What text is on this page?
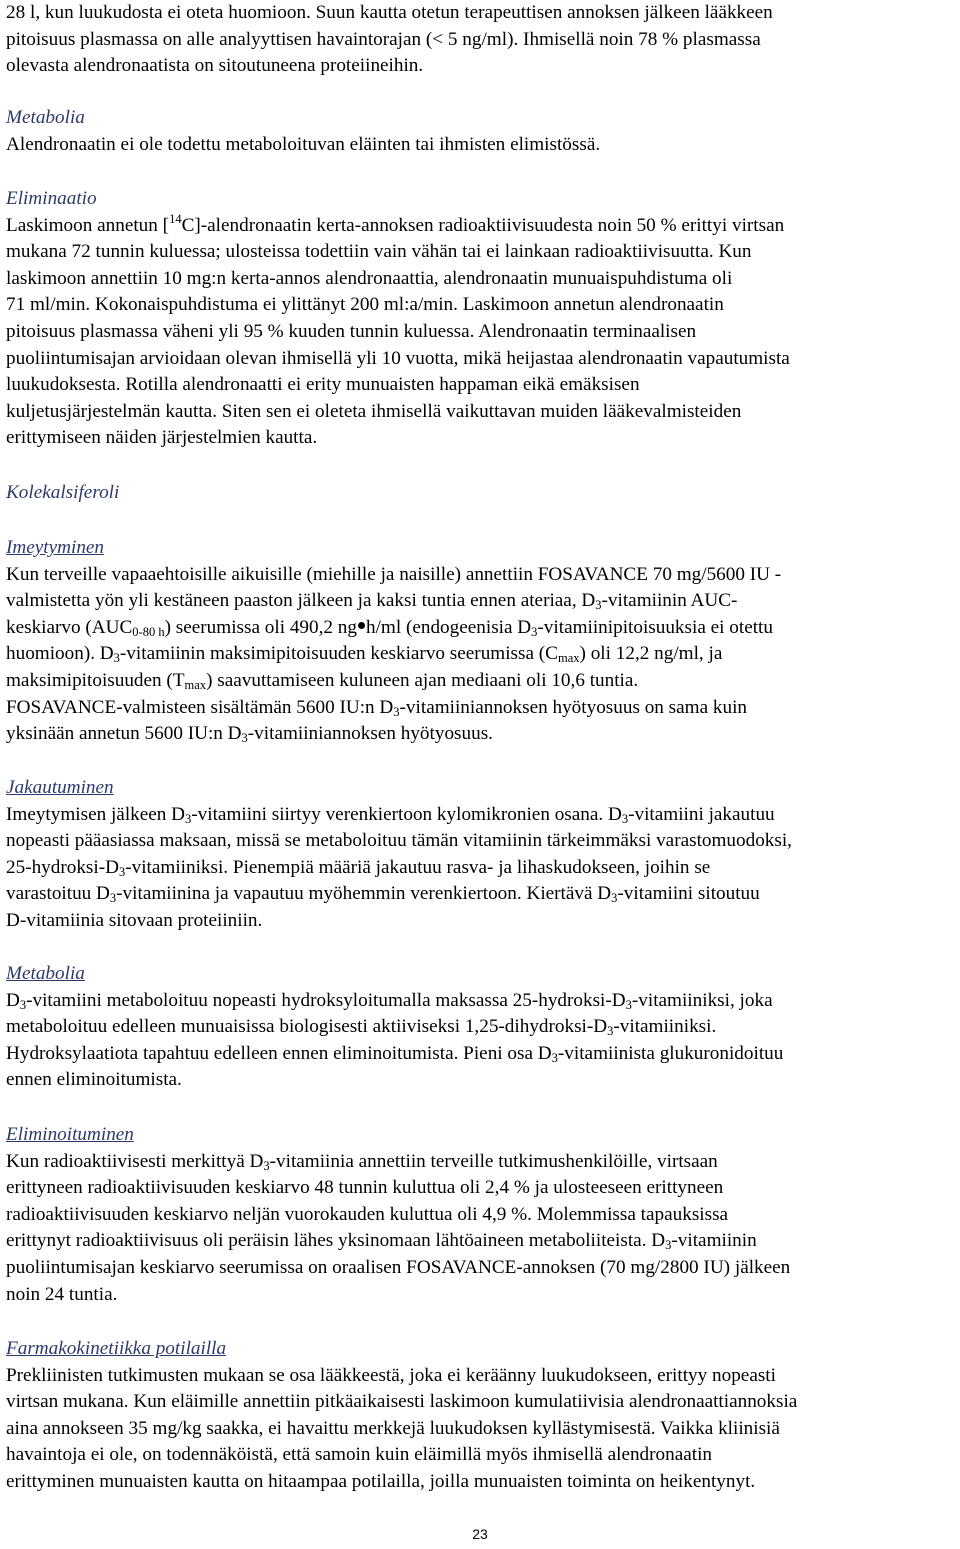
28 l, kun luukudosta ei oteta huomioon. Suun kautta otetun terapeuttisen annoksen jälkeen lääkkeen

pitoisuus plasmassa on alle analyyttisen havaintorajan (< 5 ng/ml). Ihmisellä noin 78 % plasmassa

olevasta alendronaatista on sitoutuneena proteiineihin.

Metabolia

Alendronaatin ei ole todettu metaboloituvan eläinten tai ihmisten elimistössä.

Eliminaatio

Laskimoon annetun [$^{14}$C]-alendronaatin kerta-annoksen radioaktiivisuudesta noin 50 % erittyi virtsan

mukana 72 tunnin kuluessa; ulosteissa todettiin vain vähän tai ei lainkaan radioaktiivisuutta. Kun

laskimoon annettiin 10 mg:n kerta-annos alendronaattia, alendronaatin munuaispuhdistuma oli

71 ml/min. Kokonaispuhdistuma ei ylittänyt 200 ml:a/min. Laskimoon annetun alendronaatin

pitoisuus plasmassa väheni yli 95 % kuuden tunnin kuluessa. Alendronaatin terminaalisen

puoliintumisajan arvioidaan olevan ihmisellä yli 10 vuotta, mikä heijastaa alendronaatin vapautumista

luukudoksesta. Rotilla alendronaatti ei erity munuaisten happaman eikä emäksisen

kuljetusjärjestelmän kautta. Siten sen ei oleteta ihmisellä vaikuttavan muiden lääkevalmisteiden

erittymiseen näiden järjestelmien kautta.

Kolekalsiferoli

Imeytyminen

Kun terveille vapaaehtoisille aikuisille (miehille ja naisille) annettiin FOSAVANCE 70 mg/5600 IU -

valmistetta yön yli kestäneen paaston jälkeen ja kaksi tuntia ennen ateriaa, $D_3$-vitamiinin AUC-

keskiarvo $(AUC_{0-80 h})$ seerumissa oli 490,2 ng h/ml (endogeenisia $D_3$-vitamiinipitoisuuksia ei otettu

huomioon). $D_3$-vitamiinin maksimipitoisuuden keskiarvo seerumissa $(C_{max})$ oli 12,2 ng/ml, ja

maksimipitoisuuden $(T_{max})$ saavuttamiseen kuluneen ajan mediaani oli 10,6 tuntia.

FOSAVANCE-valmisteen sisältämän 5600 IU:n $D_3$-vitamiiniannoksen hyötyosuus on sama kuin

yksinään annetun 5600 IU:n $D_3$-vitamiiniannoksen hyötyosuus.

Jakautuminen

Imeytymisen jälkeen $D_3$-vitamiini siirtyy verenkiertoon kylomikronien osana. $D_3$-vitamiini jakautuu

nopeasti pääasiassa maksaan, missä se metaboloituu tämän vitamiinin tärkeimmäksi varastomuodoksi,

$25-hydroksi-D_3$-vitamiiniksi. Pienempiä määriä jakautuu rasva- ja lihaskudokseen, joihin se

varastoituu $D_3$-vitamiinina ja vapautuu myöhemmin verenkiertoon. Kiertävä $D_3$-vitamiini sitoutuu

D-vitamiinia sitovaan proteiiniin.

Metabolia

$D_3$-vitamiini metaboloituu nopeasti hydroksyloitumalla maksassa $25-hydroksi-D_3$-vitamiiniksi, joka

metaboloituu edelleen munuaisissa biologisesti aktiiviseksi $1,25-dihydroksi-D_3$-vitamiiniksi.

Hydroksylaatiota tapahtuu edelleen ennen eliminoitumista. Pieni osa $D_3$-vitamiinista glukuronidoituu

ennen eliminoitumista.

Eliminoituminen

Kun radioaktiivisesti merkittyä $D_3$-vitamiinia annettiin terveille tutkimushenkilöille, virtsaan

erittyneen radioaktiivisuuden keskiarvo 48 tunnin kuluttua oli 2,4 % ja ulosteeseen erittyneen

radioaktiivisuuden keskiarvo neljän vuorokauden kuluttua oli 4,9 %. Molemmissa tapauksissa

erittynyt radioaktiivisuus oli peräisin lähes yksinomaan lähtöaineen metaboliiteista. $D_3$-vitamiinin

puoliintumisajan keskiarvo seerumissa on oraalisen FOSAVANCE-annoksen (70 mg/2800 IU) jälkeen

noin 24 tuntia.

Farmakokinetiikka potilailla

Prekliinisten tutkimusten mukaan se osa lääkkeestä, joka ei keräänny luukudokseen, erittyy nopeasti

virtsan mukana. Kun eläimille annettiin pitkäaikaisesti laskimoon kumulatiivisia alendronaattiannoksia

aina annokseen 35 mg/kg saakka, ei havaittu merkkejä luukudoksen kyllästymisestä. Vaikka kliinisiä

havaintoja ei ole, on todennäköistä, että samoin kuin eläimillä myös ihmisellä alendronaatin

erittyminen munuaisten kautta on hitaampaa potilailla, joilla munuaisten toiminta on heikentynyt.

23
